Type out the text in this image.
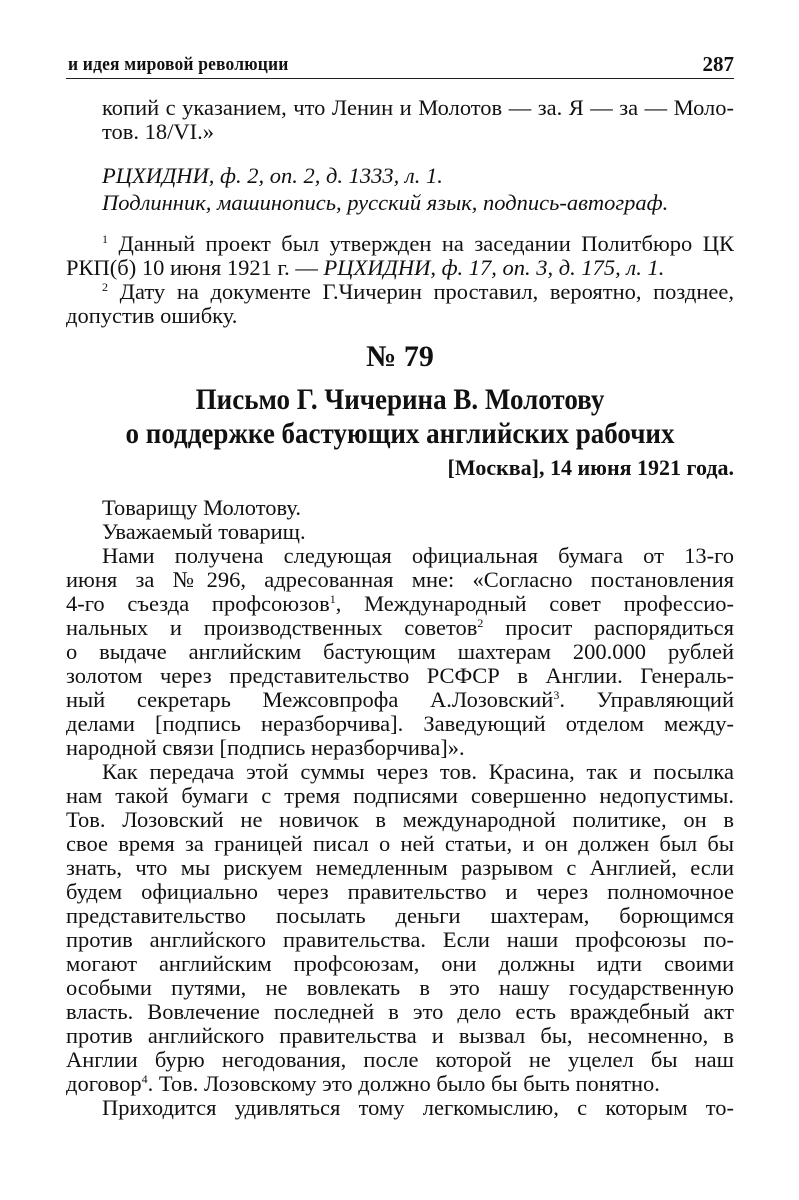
и идея мировой революции	287
копий с указанием, что Ленин и Молотов — за. Я — за — Моло-
тов. 18/VI.»
РЦХИДНИ, ф. 2, оп. 2, д. 1333, л. 1.
Подлинник, машинопись, русский язык, подпись-автограф.
$^1$ Данный проект был утвержден на заседании Политбюро ЦК
РКП(б) 10 июня 1921 г. — РЦХИДНИ, ф. 17, оп. 3, д. 175, л. 1.
$^2$ Дату на документе Г.Чичерин проставил, вероятно, позднее,
допустив ошибку.
№ 79
Письмо Г. Чичерина В. Молотову
о поддержке бастующих английских рабочих
[Москва], 14 июня 1921 года.
Товарищу Молотову.
Уважаемый товарищ.
Нами получена следующая официальная бумага от 13-го
июня за №296, адресованная мне: «Согласно постановления
4-го съезда профсоюзов$^1$, Международный совет профессио-
нальных и производственных советов$^2$ просит распорядиться
о выдаче английским бастующим шахтерам 200.000 рублей
золотом через представительство РСФСР в Англии. Генераль-
ный секретарь Межсовпрофа А.Лозовский$^3$. Управляющий
делами [подпись неразборчива]. Заведующий отделом между-
народной связи [подпись неразборчива]».
Как передача этой суммы через тов. Красина, так и посылка
нам такой бумаги с тремя подписями совершенно недопустимы.
Тов. Лозовский не новичок в международной политике, он в
свое время за границей писал о ней статьи, и он должен был бы
знать, что мы рискуем немедленным разрывом с Англией, если
будем официально через правительство и через полномочное
представительство посылать деньги шахтерам, борющимся
против английского правительства. Если наши профсоюзы по-
могают английским профсоюзам, они должны идти своими
особыми путями, не вовлекать в это нашу государственную
власть. Вовлечение последней в это дело есть враждебный акт
против английского правительства и вызвал бы, несомненно, в
Англии бурю негодования, после которой не уцелел бы наш
договор$^4$. Тов. Лозовскому это должно было бы быть понятно.
Приходится удивляться тому легкомыслию, с которым то-
